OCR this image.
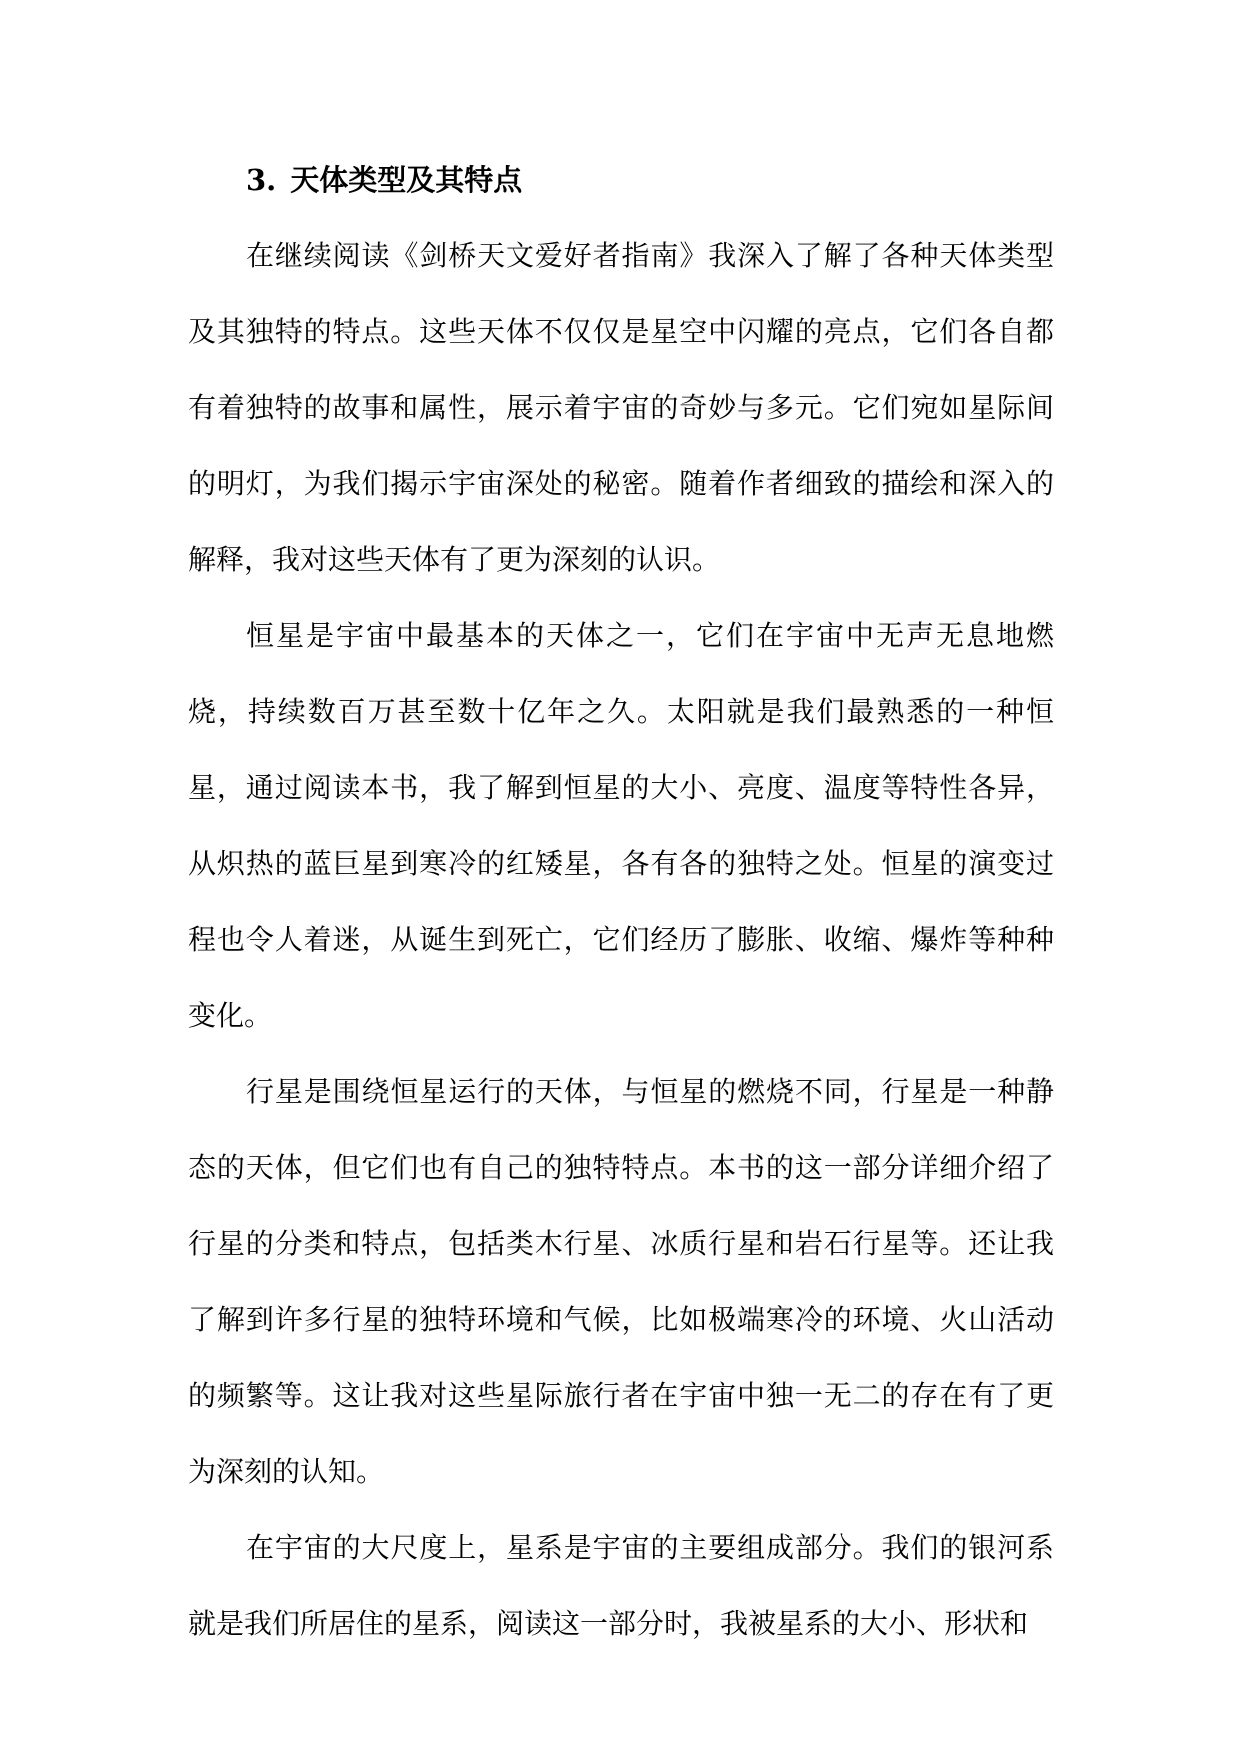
3. 天体类型及其特点

在继续阅读《剑桥天文爱好者指南》我深入了解了各种天体类型及其独特的特点。这些天体不仅仅是星空中闪耀的亮点，它们各自都有着独特的故事和属性，展示着宇宙的奇妙与多元。它们宛如星际间的明灯，为我们揭示宇宙深处的秘密。随着作者细致的描绘和深入的解释，我对这些天体有了更为深刻的认识。

恒星是宇宙中最基本的天体之一，它们在宇宙中无声无息地燃烧，持续数百万甚至数十亿年之久。太阳就是我们最熟悉的一种恒星，通过阅读本书，我了解到恒星的大小、亮度、温度等特性各异，从炽热的蓝巨星到寒冷的红矮星，各有各的独特之处。恒星的演变过程也令人着迷，从诞生到死亡，它们经历了膨胀、收缩、爆炸等种种变化。

行星是围绕恒星运行的天体，与恒星的燃烧不同，行星是一种静态的天体，但它们也有自己的独特特点。本书的这一部分详细介绍了行星的分类和特点，包括类木行星、冰质行星和岩石行星等。还让我了解到许多行星的独特环境和气候，比如极端寒冷的环境、火山活动的频繁等。这让我对这些星际旅行者在宇宙中独一无二的存在有了更为深刻的认知。

在宇宙的大尺度上，星系是宇宙的主要组成部分。我们的银河系就是我们所居住的星系，阅读这一部分时，我被星系的大小、形状和
